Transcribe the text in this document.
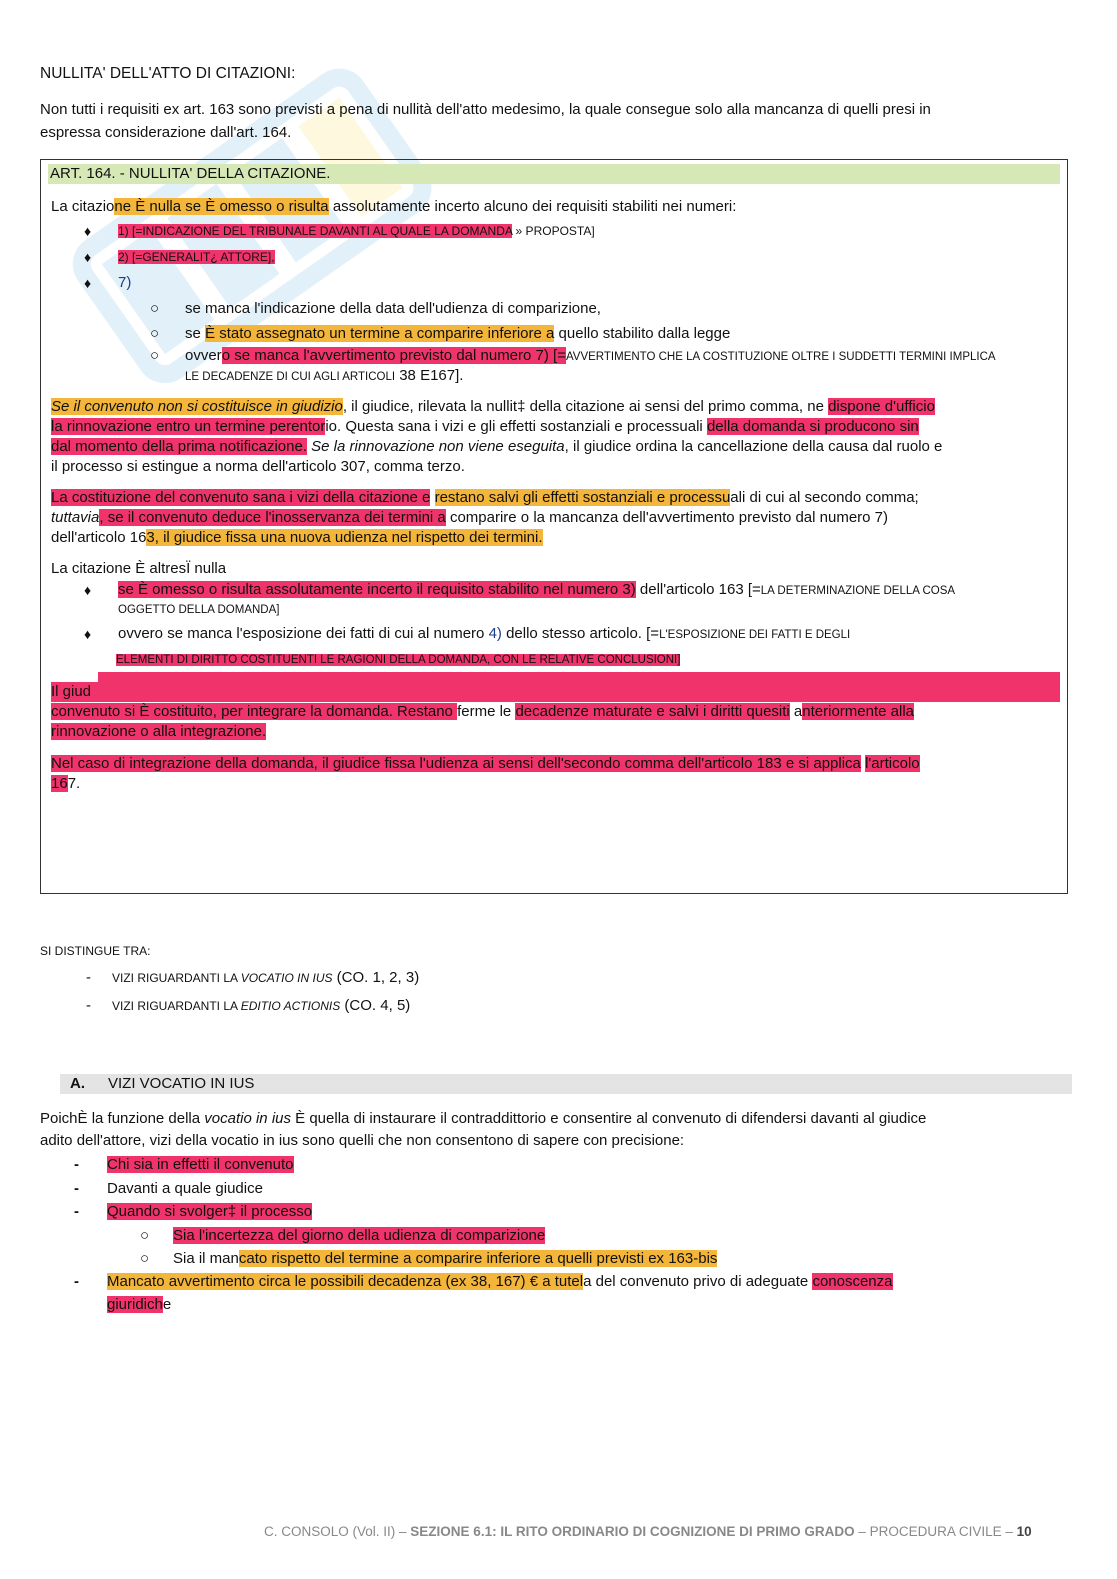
NULLITA' DELL'ATTO DI CITAZIONI:
Non tutti i requisiti ex art. 163 sono previsti a pena di nullità dell'atto medesimo, la quale consegue solo alla mancanza di quelli presi in
espressa considerazione dall'art. 164.
ART. 164. - NULLITA' DELLA CITAZIONE.
La citazione È nulla se È omesso o risulta assolutamente incerto alcuno dei requisiti stabiliti nei numeri:
♦ 1) [=INDICAZIONE DEL TRIBUNALE DAVANTI AL QUALE LA DOMANDA » PROPOSTA]
♦ 2) [=GENERALIT¿ ATTORE],
♦ 7)
○ se manca l'indicazione della data dell'udienza di comparizione,
○ se È stato assegnato un termine a comparire inferiore a quello stabilito dalla legge
○ ovvero se manca l'avvertimento previsto dal numero 7) [=AVVERTIMENTO CHE LA COSTITUZIONE OLTRE I SUDDETTI TERMINI IMPLICA
LE DECADENZE DI CUI AGLI ARTICOLI 38 E167].
Se il convenuto non si costituisce in giudizio, il giudice, rilevata la nullit‡ della citazione ai sensi del primo comma, ne dispone d'ufficio
la rinnovazione entro un termine perentorio. Questa sana i vizi e gli effetti sostanziali e processuali della domanda si producono sin
dal momento della prima notificazione. Se la rinnovazione non viene eseguita, il giudice ordina la cancellazione della causa dal ruolo e
il processo si estingue a norma dell'articolo 307, comma terzo.
La costituzione del convenuto sana i vizi della citazione e restano salvi gli effetti sostanziali e processuali di cui al secondo comma;
tuttavia, se il convenuto deduce l'inosservanza dei termini a comparire o la mancanza dell'avvertimento previsto dal numero 7)
dell'articolo 163, il giudice fissa una nuova udienza nel rispetto dei termini.
La citazione È altresÏ nulla
♦ se È omesso o risulta assolutamente incerto il requisito stabilito nel numero 3) dell'articolo 163 [=LA DETERMINAZIONE DELLA COSA
OGGETTO DELLA DOMANDA]
♦ ovvero se manca l'esposizione dei fatti di cui al numero 4) dello stesso articolo. [=L'ESPOSIZIONE DEI FATTI E DEGLI
ELEMENTI DI DIRITTO COSTITUENTI LE RAGIONI DELLA DOMANDA, CON LE RELATIVE CONCLUSIONI]
Il giud
convenuto si È costituito, per integrare la domanda. Restano ferme le decadenze maturate e salvi i diritti quesiti anteriormente alla
rinnovazione o alla integrazione.
Nel caso di integrazione della domanda, il giudice fissa l'udienza ai sensi dell'secondo comma dell'articolo 183 e si applica l'articolo
167.
SI DISTINGUE TRA:
- VIZI RIGUARDANTI LA VOCATIO IN IUS (CO. 1, 2, 3)
- VIZI RIGUARDANTI LA EDITIO ACTIONIS (CO. 4, 5)
A. VIZI VOCATIO IN IUS
PoichÈ la funzione della vocatio in ius È quella di instaurare il contraddittorio e consentire al convenuto di difendersi davanti al giudice
adito dell'attore, vizi della vocatio in ius sono quelli che non consentono di sapere con precisione:
- Chi sia in effetti il convenuto
- Davanti a quale giudice
- Quando si svolger‡ il processo
○ Sia l'incertezza del giorno della udienza di comparizione
○ Sia il mancato rispetto del termine a comparire inferiore a quelli previsti ex 163-bis
- Mancato avvertimento circa le possibili decadenza (ex 38, 167) € a tutela del convenuto privo di adeguate conoscenza
giuridiche
C. CONSOLO (Vol. II) – SEZIONE 6.1: IL RITO ORDINARIO DI COGNIZIONE DI PRIMO GRADO – PROCEDURA CIVILE – 10
